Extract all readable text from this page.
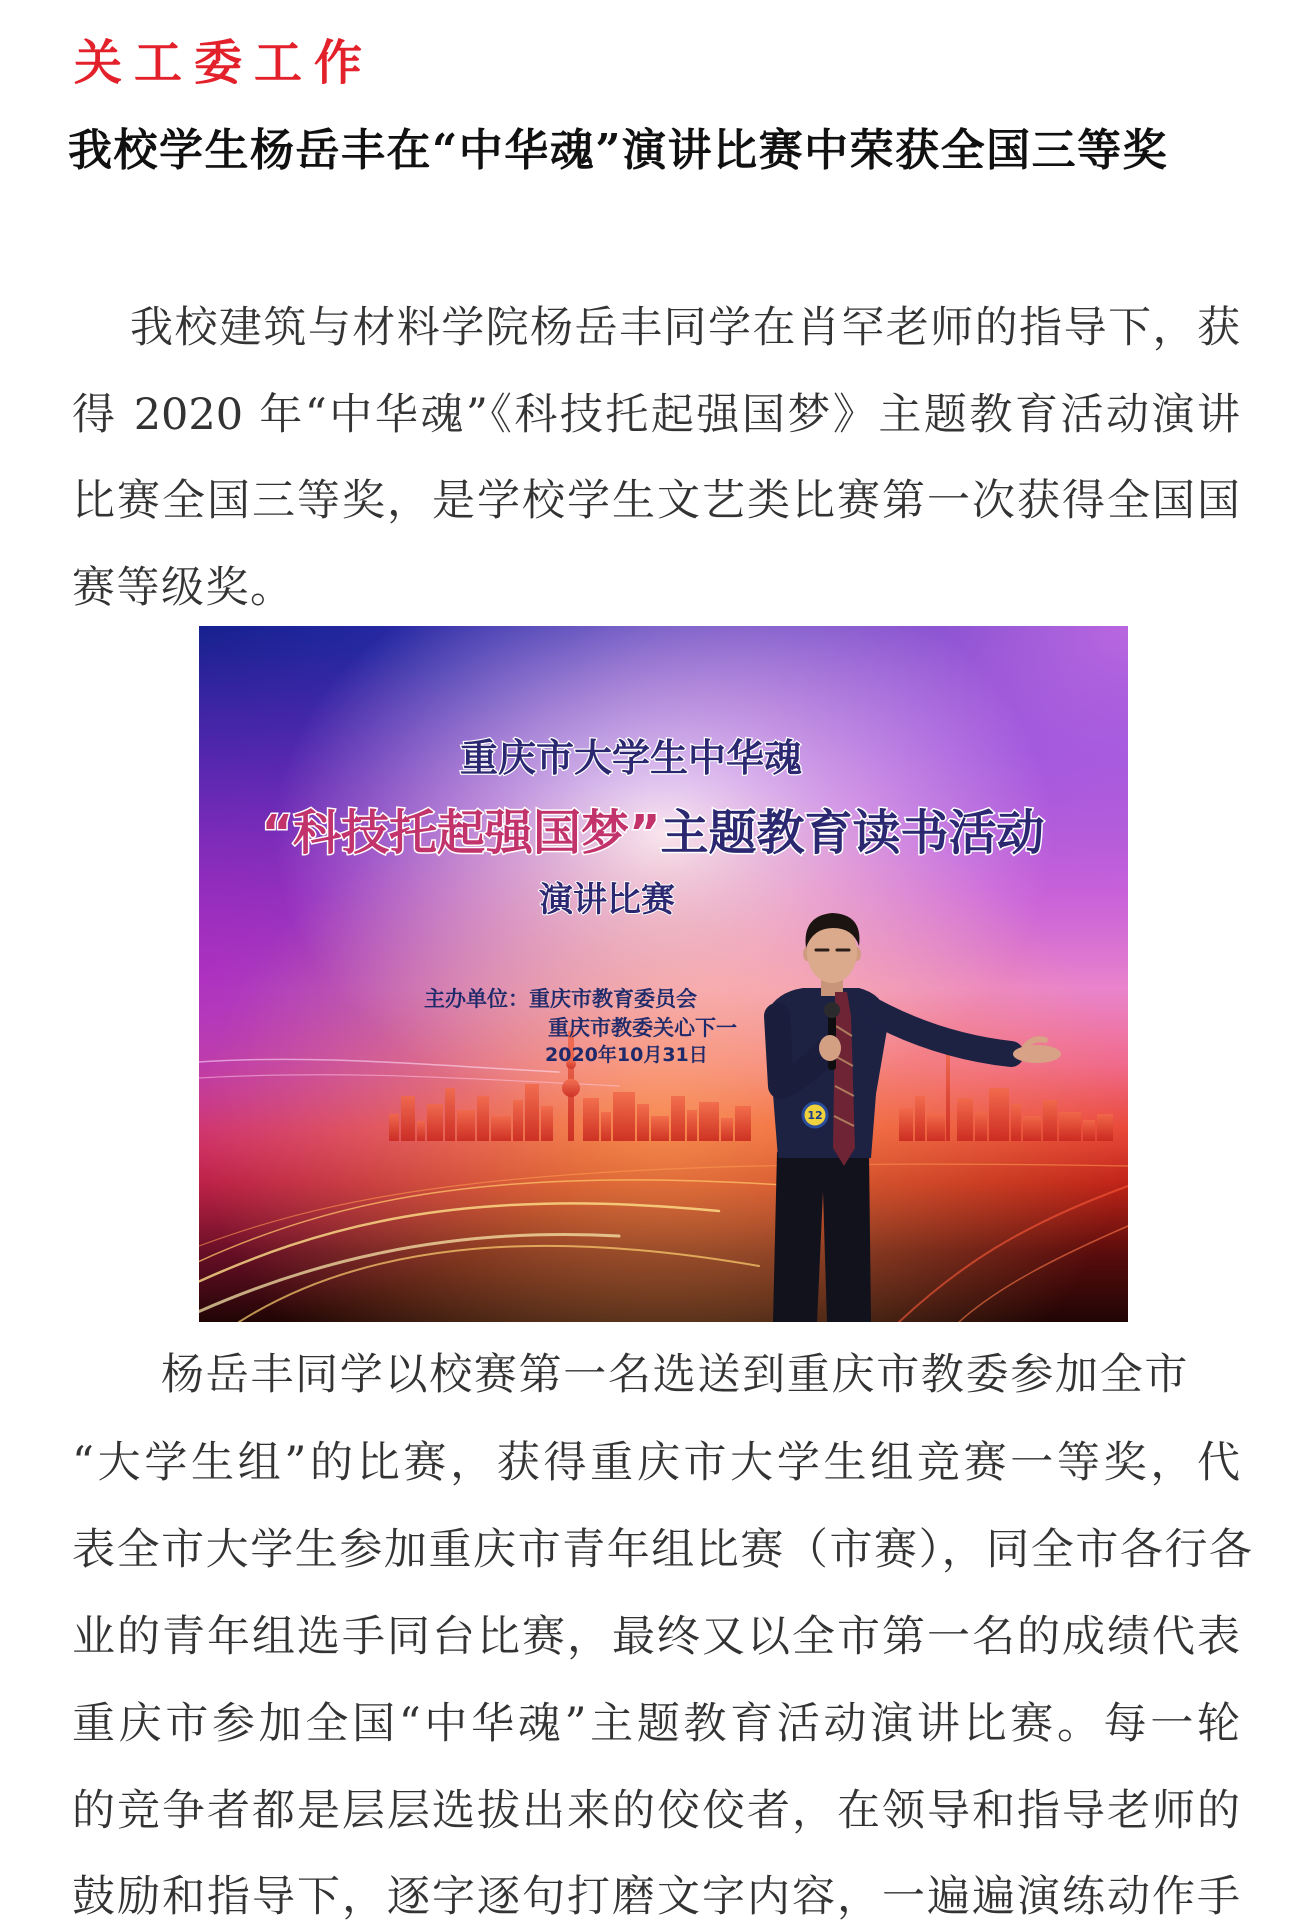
关工委工作
我校学生杨岳丰在“中华魂”演讲比赛中荣获全国三等奖
我校建筑与材料学院杨岳丰同学在肖罕老师的指导下，获
得 2020 年“中华魂”《科技托起强国梦》主题教育活动演讲
比赛全国三等奖，是学校学生文艺类比赛第一次获得全国国
赛等级奖。
重庆市大学生中华魂
“科技托起强国梦”主题教育读书活动
演讲比赛
主办单位：重庆市教育委员会
重庆市教委关心下一
2020年10月31日
12
杨岳丰同学以校赛第一名选送到重庆市教委参加全市
“大学生组”的比赛，获得重庆市大学生组竞赛一等奖，代
表全市大学生参加重庆市青年组比赛（市赛），同全市各行各
业的青年组选手同台比赛，最终又以全市第一名的成绩代表
重庆市参加全国“中华魂”主题教育活动演讲比赛。每一轮
的竞争者都是层层选拔出来的佼佼者，在领导和指导老师的
鼓励和指导下，逐字逐句打磨文字内容，一遍遍演练动作手
